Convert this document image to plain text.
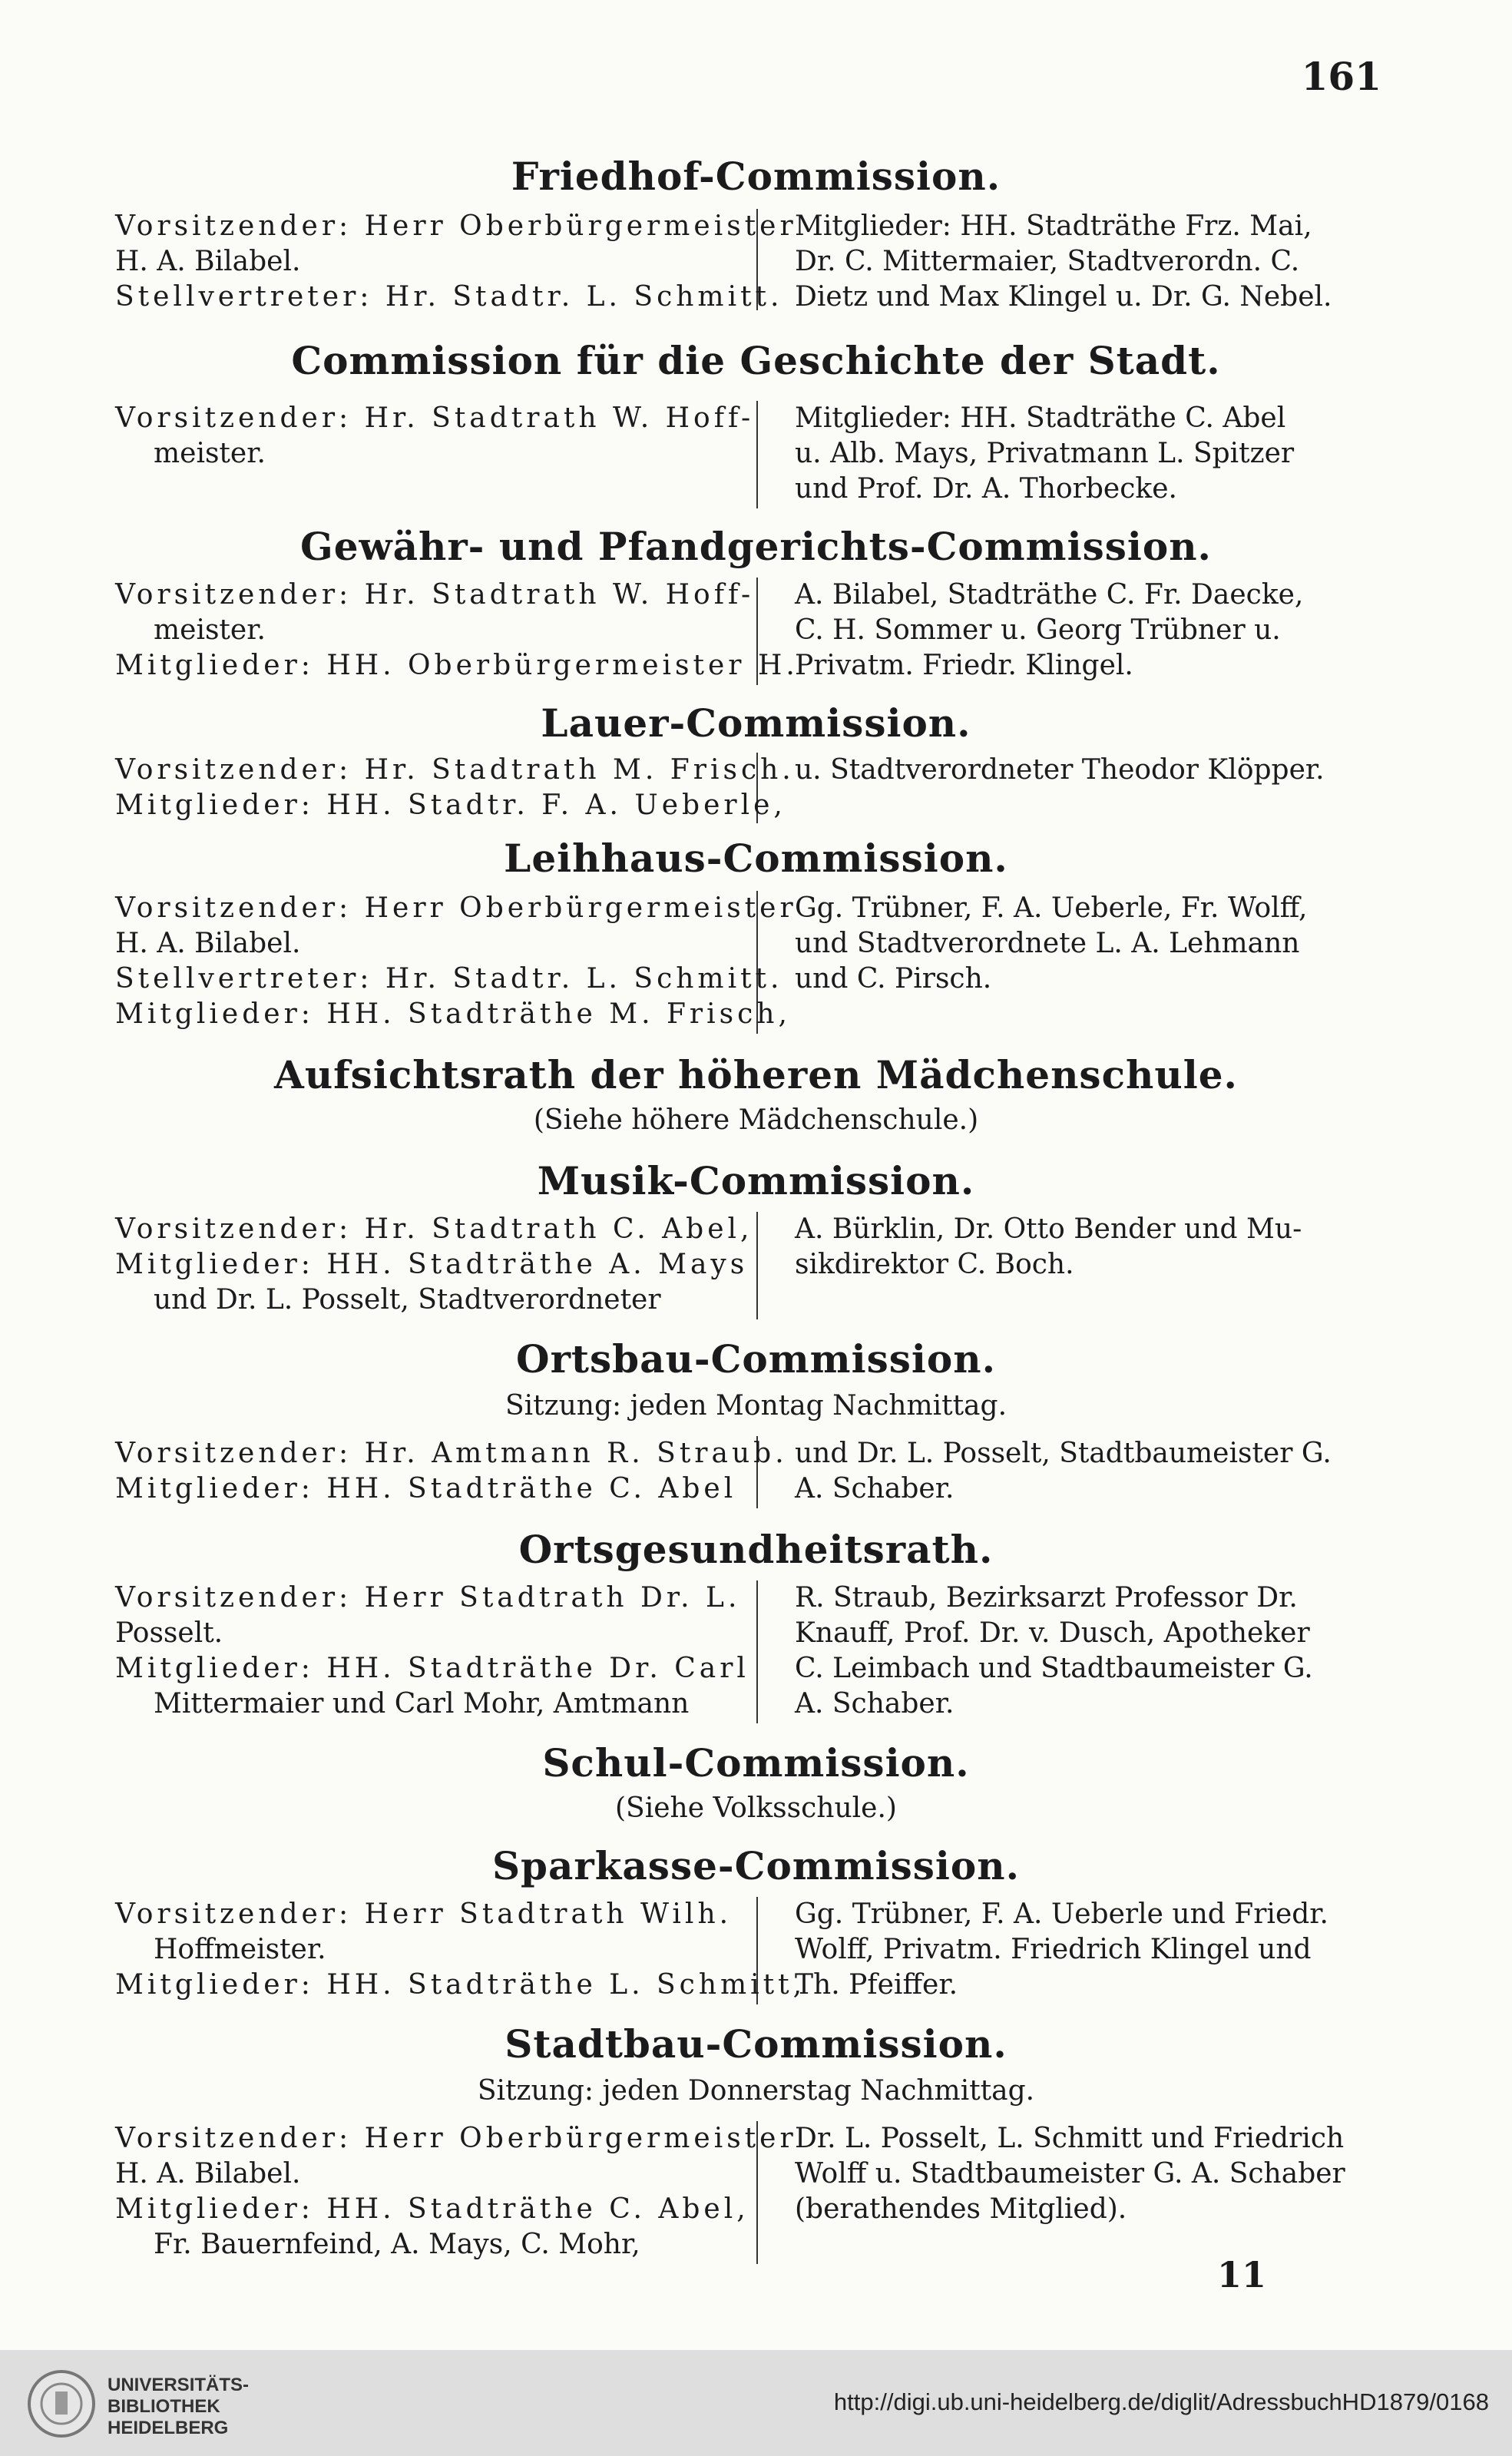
161
Friedhof-Commission.
Vorsitzender: Herr Oberbürgermeister
H. A. Bilabel.
Stellvertreter: Hr. Stadtr. L. Schmitt.
Mitglieder: HH. Stadträthe Frz. Mai,
Dr. C. Mittermaier, Stadtverordn. C.
Dietz und Max Klingel u. Dr. G. Nebel.
Commission für die Geschichte der Stadt.
Vorsitzender: Hr. Stadtrath W. Hoff-
meister.
Mitglieder: HH. Stadträthe C. Abel
u. Alb. Mays, Privatmann L. Spitzer
und Prof. Dr. A. Thorbecke.
Gewähr- und Pfandgerichts-Commission.
Vorsitzender: Hr. Stadtrath W. Hoff-
meister.
Mitglieder: HH. Oberbürgermeister H.
A. Bilabel, Stadträthe C. Fr. Daecke,
C. H. Sommer u. Georg Trübner u.
Privatm. Friedr. Klingel.
Lauer-Commission.
Vorsitzender: Hr. Stadtrath M. Frisch.
Mitglieder: HH. Stadtr. F. A. Ueberle,
u. Stadtverordneter Theodor Klöpper.
Leihhaus-Commission.
Vorsitzender: Herr Oberbürgermeister
H. A. Bilabel.
Stellvertreter: Hr. Stadtr. L. Schmitt.
Mitglieder: HH. Stadträthe M. Frisch,
Gg. Trübner, F. A. Ueberle, Fr. Wolff,
und Stadtverordnete L. A. Lehmann
und C. Pirsch.
Aufsichtsrath der höheren Mädchenschule.
(Siehe höhere Mädchenschule.)
Musik-Commission.
Vorsitzender: Hr. Stadtrath C. Abel,
Mitglieder: HH. Stadträthe A. Mays
und Dr. L. Posselt, Stadtverordneter
A. Bürklin, Dr. Otto Bender und Mu-
sikdirektor C. Boch.
Ortsbau-Commission.
Sitzung: jeden Montag Nachmittag.
Vorsitzender: Hr. Amtmann R. Straub.
Mitglieder: HH. Stadträthe C. Abel
und Dr. L. Posselt, Stadtbaumeister G.
A. Schaber.
Ortsgesundheitsrath.
Vorsitzender: Herr Stadtrath Dr. L.
Posselt.
Mitglieder: HH. Stadträthe Dr. Carl
Mittermaier und Carl Mohr, Amtmann
R. Straub, Bezirksarzt Professor Dr.
Knauff, Prof. Dr. v. Dusch, Apotheker
C. Leimbach und Stadtbaumeister G.
A. Schaber.
Schul-Commission.
(Siehe Volksschule.)
Sparkasse-Commission.
Vorsitzender: Herr Stadtrath Wilh.
Hoffmeister.
Mitglieder: HH. Stadträthe L. Schmitt,
Gg. Trübner, F. A. Ueberle und Friedr.
Wolff, Privatm. Friedrich Klingel und
Th. Pfeiffer.
Stadtbau-Commission.
Sitzung: jeden Donnerstag Nachmittag.
Vorsitzender: Herr Oberbürgermeister
H. A. Bilabel.
Mitglieder: HH. Stadträthe C. Abel,
Fr. Bauernfeind, A. Mays, C. Mohr,
Dr. L. Posselt, L. Schmitt und Friedrich
Wolff u. Stadtbaumeister G. A. Schaber
(berathendes Mitglied).
11
UNIVERSITÄTS-
BIBLIOTHEK
HEIDELBERG
http://digi.ub.uni-heidelberg.de/diglit/AdressbuchHD1879/0168
